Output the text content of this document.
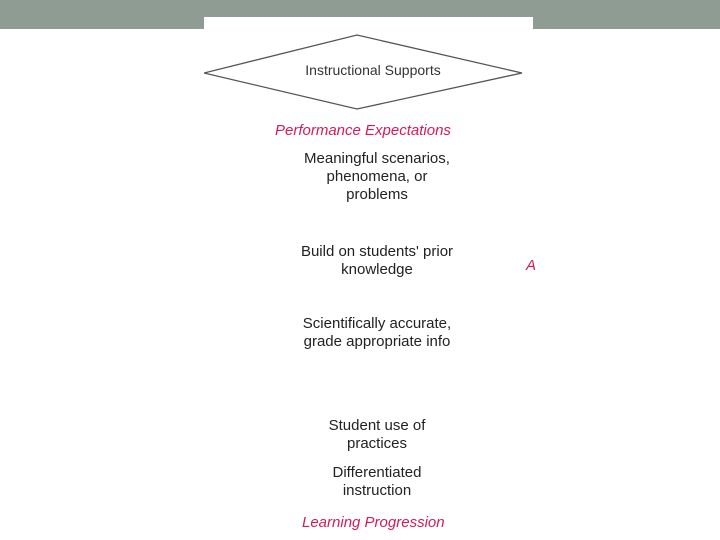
Instructional Supports
Performance Expectations
Meaningful scenarios, phenomena, or problems
Build on students' prior knowledge
Scientifically accurate, grade appropriate info
Student use of practices
Differentiated instruction
Learning Progression
A
